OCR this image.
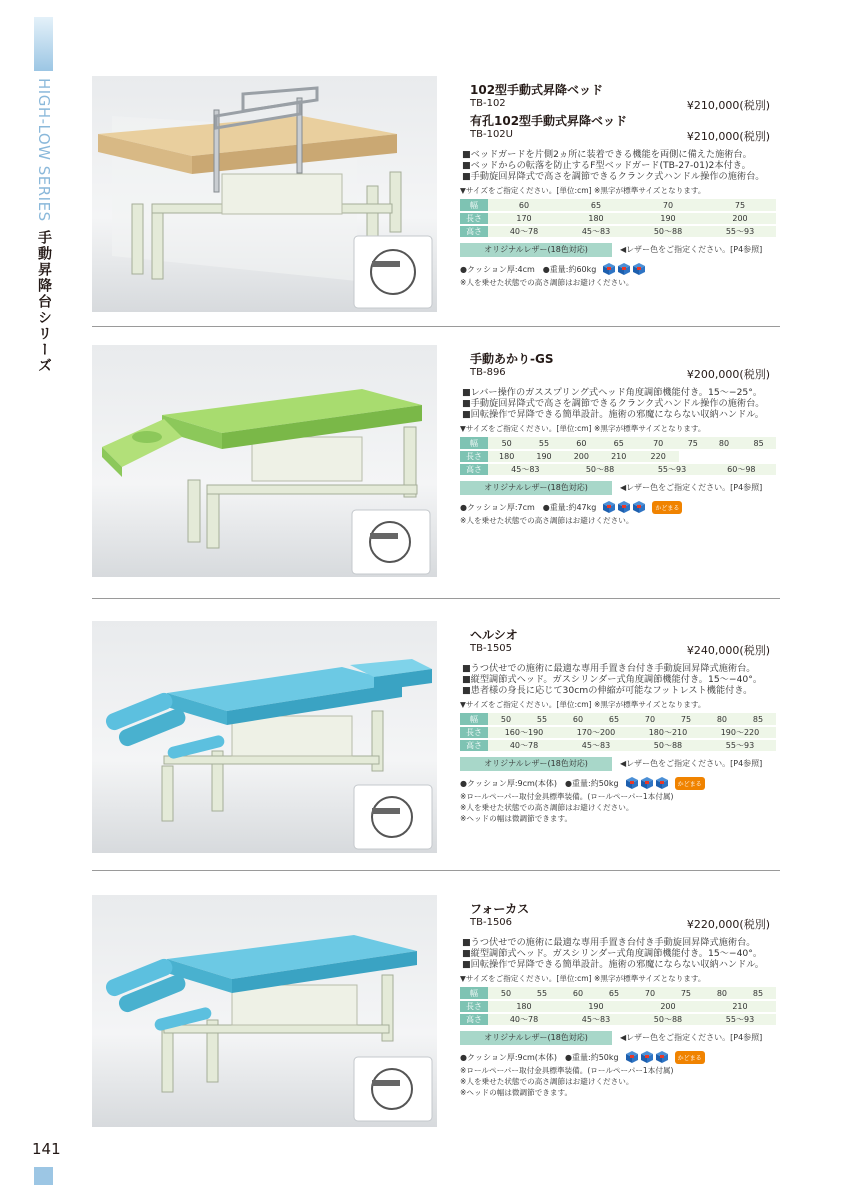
HIGH-LOW SERIES
手動昇降台シリーズ
141
102型手動式昇降ベッド
TB-102	¥210,000(税別)
有孔102型手動式昇降ベッド
TB-102U	¥210,000(税別)
■ベッドガードを片側2ヵ所に装着できる機能を両側に備えた施術台。
■ベッドからの転落を防止するF型ベッドガード(TB-27-01)2本付き。
■手動旋回昇降式で高さを調節できるクランク式ハンドル操作の施術台。
▼サイズをご指定ください。[単位:cm] ※黒字が標準サイズとなります。
幅	60	65	70	75
長さ	170	180	190	200
高さ	40〜78	45〜83	50〜88	55〜93
オリジナルレザー(18色対応)	◀レザー色をご指定ください。[P4参照]
●クッション厚:4cm　●重量:約60kg
※人を乗せた状態での高さ調節はお避けください。
手動あかり-GS
TB-896	¥200,000(税別)
■レバー操作のガススプリング式ヘッド角度調節機能付き。15〜−25°。
■手動旋回昇降式で高さを調節できるクランク式ハンドル操作の施術台。
■回転操作で昇降できる簡単設計。施術の邪魔にならない収納ハンドル。
▼サイズをご指定ください。[単位:cm] ※黒字が標準サイズとなります。
幅	50	55	60	65	70	75	80	85
長さ	180	190	200	210	220			
高さ	45〜83		50〜88		55〜93		60〜98	
オリジナルレザー(18色対応)	◀レザー色をご指定ください。[P4参照]
●クッション厚:7cm　●重量:約47kg	かどまる
※人を乗せた状態での高さ調節はお避けください。
ヘルシオ
TB-1505	¥240,000(税別)
■うつ伏せでの施術に最適な専用手置き台付き手動旋回昇降式施術台。
■縦型調節式ヘッド。ガスシリンダー式角度調節機能付き。15〜−40°。
■患者様の身長に応じて30cmの伸縮が可能なフットレスト機能付き。
▼サイズをご指定ください。[単位:cm] ※黒字が標準サイズとなります。
幅	50	55	60	65	70	75	80	85
長さ	160〜190		170〜200		180〜210		190〜220	
高さ	40〜78		45〜83		50〜88		55〜93	
オリジナルレザー(18色対応)	◀レザー色をご指定ください。[P4参照]
●クッション厚:9cm(本体)　●重量:約50kg	かどまる
※ロールペーパー取付金具標準装備。(ロールペーパー1本付属)
※人を乗せた状態での高さ調節はお避けください。
※ヘッドの幅は微調節できます。
フォーカス
TB-1506	¥220,000(税別)
■うつ伏せでの施術に最適な専用手置き台付き手動旋回昇降式施術台。
■縦型調節式ヘッド。ガスシリンダー式角度調節機能付き。15〜−40°。
■回転操作で昇降できる簡単設計。施術の邪魔にならない収納ハンドル。
▼サイズをご指定ください。[単位:cm] ※黒字が標準サイズとなります。
幅	50	55	60	65	70	75	80	85
長さ	180		190		200		210	
高さ	40〜78		45〜83		50〜88		55〜93	
オリジナルレザー(18色対応)	◀レザー色をご指定ください。[P4参照]
●クッション厚:9cm(本体)　●重量:約50kg	かどまる
※ロールペーパー取付金具標準装備。(ロールペーパー1本付属)
※人を乗せた状態での高さ調節はお避けください。
※ヘッドの幅は微調節できます。
